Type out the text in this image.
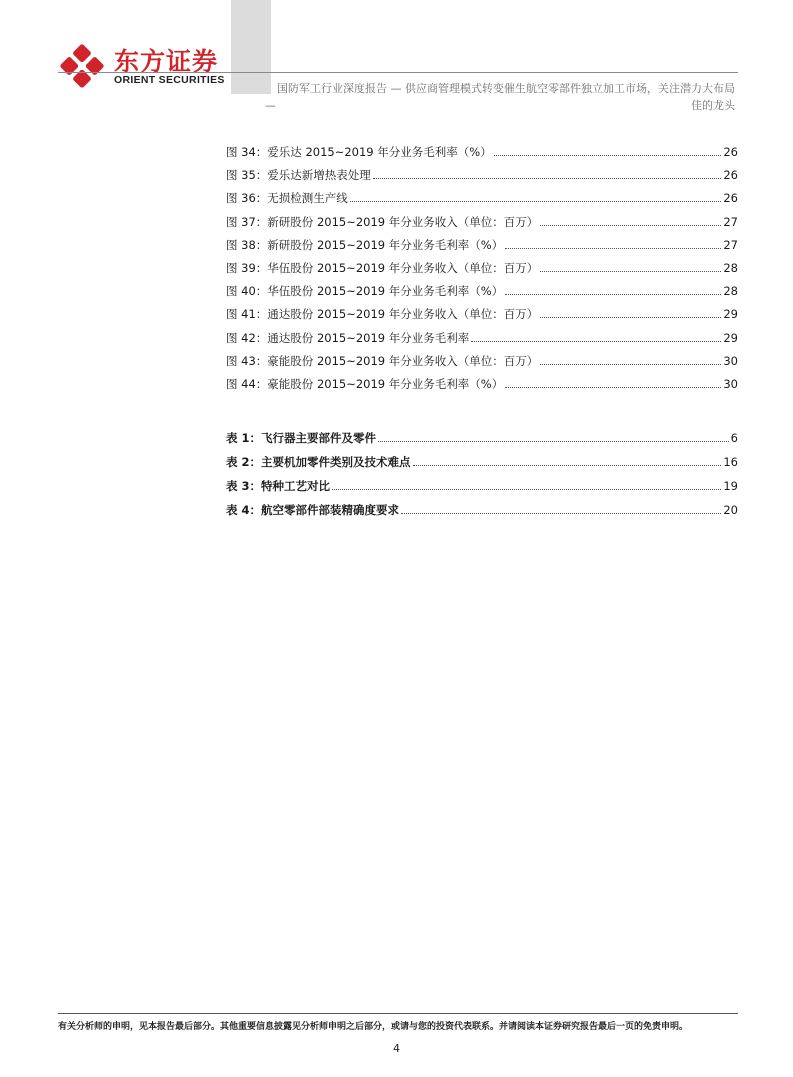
东方证券
ORIENT SECURITIES
国防军工行业深度报告 — 供应商管理模式转变催生航空零部件独立加工市场，关注潜力大布局
—	佳的龙头
图 34：爱乐达 2015~2019 年分业务毛利率（%）	26
图 35：爱乐达新增热表处理	26
图 36：无损检测生产线	26
图 37：新研股份 2015~2019 年分业务收入（单位：百万）	27
图 38：新研股份 2015~2019 年分业务毛利率（%）	27
图 39：华伍股份 2015~2019 年分业务收入（单位：百万）	28
图 40：华伍股份 2015~2019 年分业务毛利率（%）	28
图 41：通达股份 2015~2019 年分业务收入（单位：百万）	29
图 42：通达股份 2015~2019 年分业务毛利率	29
图 43：豪能股份 2015~2019 年分业务收入（单位：百万）	30
图 44：豪能股份 2015~2019 年分业务毛利率（%）	30
表 1：飞行器主要部件及零件	6
表 2：主要机加零件类别及技术难点	16
表 3：特种工艺对比	19
表 4：航空零部件部装精确度要求	20
有关分析师的申明，见本报告最后部分。其他重要信息披露见分析师申明之后部分，或请与您的投资代表联系。并请阅读本证券研究报告最后一页的免责申明。
4
